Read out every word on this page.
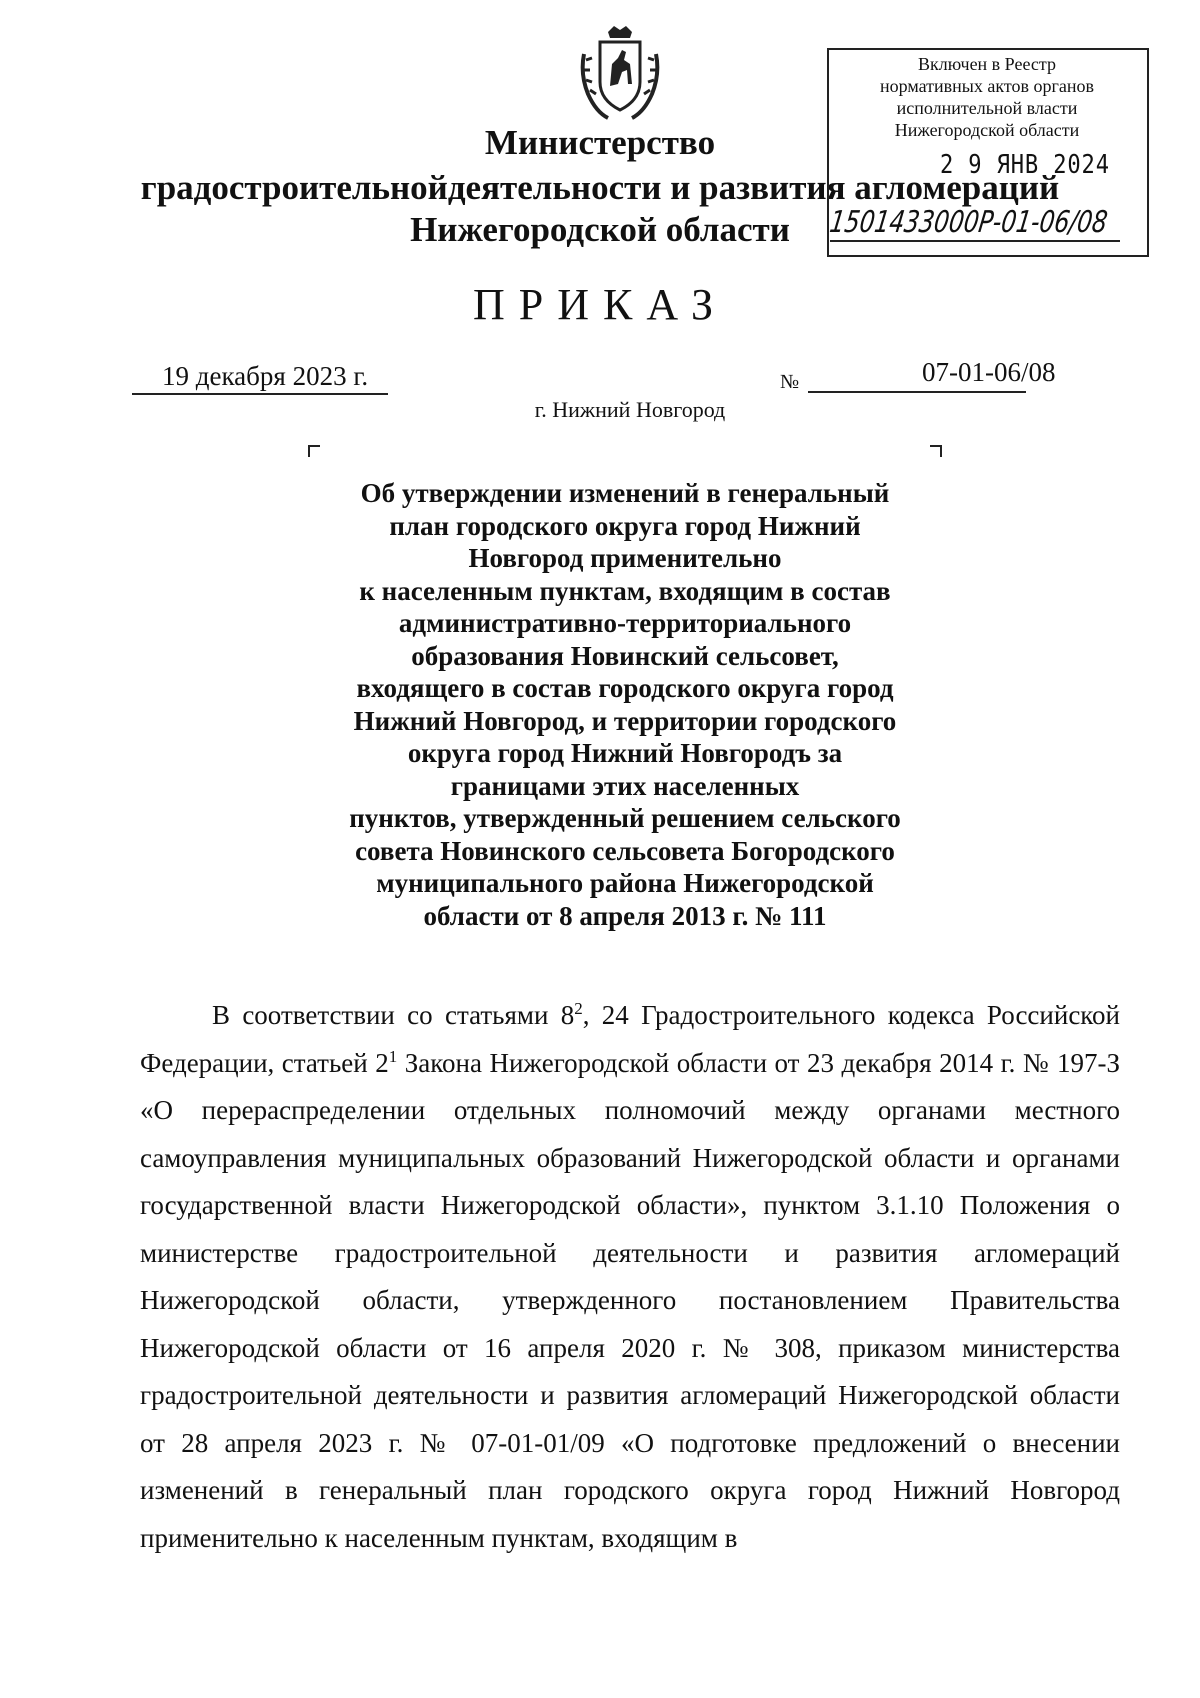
Министерство
градостроительнойдеятельности и развития агломераций
Нижегородской области
Включен в Реестр
нормативных актов органов
исполнительной власти
Нижегородской области
2 9 ЯНВ 2024
1501433000Р-01-06/08
ПРИКАЗ
19 декабря 2023 г.	№	07-01-06/08
г. Нижний Новгород
Об утверждении изменений в генеральный
план городского округа город Нижний
Новгород применительно
к населенным пунктам, входящим в состав
административно-территориального
образования Новинский сельсовет,
входящего в состав городского округа город
Нижний Новгород, и территории городского
округа город Нижний Новгородъ за
границами этих населенных
пунктов, утвержденный решением сельского
совета Новинского сельсовета Богородского
муниципального района Нижегородской
области от 8 апреля 2013 г. № 111

В соответствии со статьями $8^2$, 24 Градостроительного кодекса Российской Федерации, статьей $2^1$ Закона Нижегородской области от 23 декабря 2014 г. № 197-З «О перераспределении отдельных полномочий между органами местного самоуправления муниципальных образований Нижегородской области и органами государственной власти Нижегородской области», пунктом 3.1.10 Положения о министерстве градостроительной деятельности и развития агломераций Нижегородской области, утвержденного постановлением Правительства Нижегородской области от 16 апреля 2020 г. № 308, приказом министерства градостроительной деятельности и развития агломераций Нижегородской области от 28 апреля 2023 г. № 07-01-01/09 «О подготовке предложений о внесении изменений в генеральный план городского округа город Нижний Новгород применительно к населенным пунктам, входящим в
